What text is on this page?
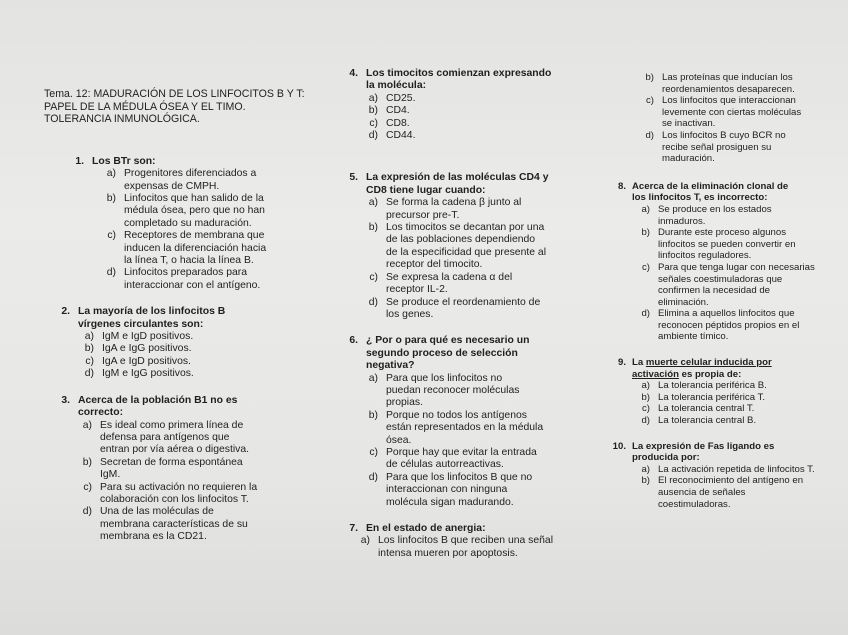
Tema. 12: MADURACIÓN DE LOS LINFOCITOS B Y T:
PAPEL DE LA MÉDULA ÓSEA Y EL TIMO.
TOLERANCIA INMUNOLÓGICA.
1. Los BTr son:
a) Progenitores diferenciados a expensas de CMPH.
b) Linfocitos que han salido de la médula ósea, pero que no han completado su maduración.
c) Receptores de membrana que inducen la diferenciación hacia la línea T, o hacia la línea B.
d) Linfocitos preparados para interaccionar con el antígeno.
2. La mayoría de los linfocitos B vírgenes circulantes son:
a) IgM e IgD positivos.
b) IgA e IgG positivos.
c) IgA e IgD positivos.
d) IgM e IgG positivos.
3. Acerca de la población B1 no es correcto:
a) Es ideal como primera línea de defensa para antígenos que entran por vía aérea o digestiva.
b) Secretan de forma espontánea IgM.
c) Para su activación no requieren la colaboración con los linfocitos T.
d) Una de las moléculas de membrana características de su membrana es la CD21.
4. Los timocitos comienzan expresando la molécula:
a) CD25.
b) CD4.
c) CD8.
d) CD44.
5. La expresión de las moléculas CD4 y CD8 tiene lugar cuando:
a) Se forma la cadena β junto al precursor pre-T.
b) Los timocitos se decantan por una de las poblaciones dependiendo de la especificidad que presente al receptor del timocito.
c) Se expresa la cadena α del receptor IL-2.
d) Se produce el reordenamiento de los genes.
6. ¿ Por o para qué es necesario un segundo proceso de selección negativa?
a) Para que los linfocitos no puedan reconocer moléculas propias.
b) Porque no todos los antígenos están representados en la médula ósea.
c) Porque hay que evitar la entrada de células autorreactivas.
d) Para que los linfocitos B que no interaccionan con ninguna molécula sigan madurando.
7. En el estado de anergia:
a) Los linfocitos B que reciben una señal intensa mueren por apoptosis.
b) Las proteínas que inducían los reordenamientos desaparecen.
c) Los linfocitos que interaccionan levemente con ciertas moléculas se inactivan.
d) Los linfocitos B cuyo BCR no recibe señal prosiguen su maduración.
8. Acerca de la eliminación clonal de los linfocitos T, es incorrecto:
a) Se produce en los estados inmaduros.
b) Durante este proceso algunos linfocitos se pueden convertir en linfocitos reguladores.
c) Para que tenga lugar con necesarias señales coestimuladoras que confirmen la necesidad de eliminación.
d) Elimina a aquellos linfocitos que reconocen péptidos propios en el ambiente tímico.
9. La muerte celular inducida por activación es propia de:
a) La tolerancia periférica B.
b) La tolerancia periférica T.
c) La tolerancia central T.
d) La tolerancia central B.
10. La expresión de Fas ligando es producida por:
a) La activación repetida de linfocitos T.
b) El reconocimiento del antígeno en ausencia de señales coestimuladoras.
